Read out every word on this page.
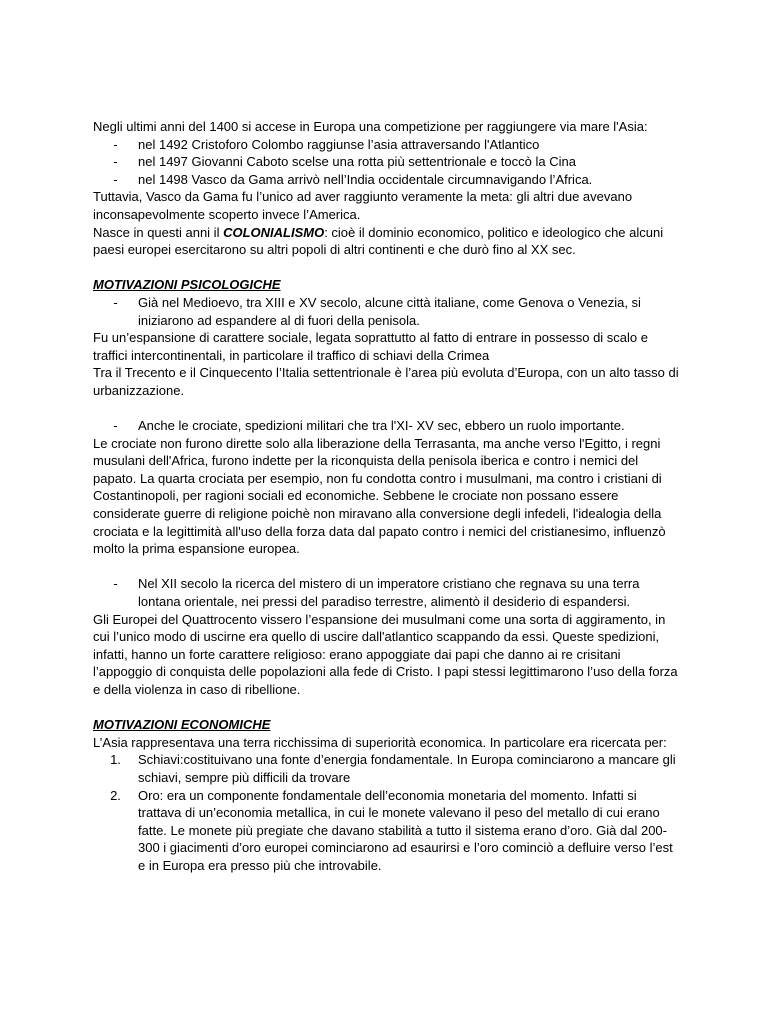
Negli ultimi anni del 1400 si accese in Europa una competizione per raggiungere via mare l'Asia:

-	nel 1492 Cristoforo Colombo raggiunse l’asia attraversando l'Atlantico
-	nel 1497 Giovanni Caboto scelse una rotta più settentrionale e toccò la Cina
-	nel 1498 Vasco da Gama arrivò nell’India occidentale circumnavigando l’Africa.

Tuttavia, Vasco da Gama fu l’unico ad aver raggiunto veramente la meta: gli altri due avevano inconsapevolmente scoperto invece l’America.

Nasce in questi anni il COLONIALISMO: cioè il dominio economico, politico e ideologico che alcuni paesi europei esercitarono su altri popoli di altri continenti e che durò fino al XX sec.

MOTIVAZIONI PSICOLOGICHE

-	Già nel Medioevo, tra XIII e XV secolo, alcune città italiane, come Genova o Venezia, si iniziarono ad espandere al di fuori della penisola.

Fu un’espansione di carattere sociale, legata soprattutto al fatto di entrare in possesso di scalo e traffici intercontinentali, in particolare il traffico di schiavi della Crimea

Tra il Trecento e il Cinquecento l’Italia settentrionale è l’area più evoluta d’Europa, con un alto tasso di urbanizzazione.

-	Anche le crociate, spedizioni militari che tra l'XI- XV sec, ebbero un ruolo importante.

Le crociate non furono dirette solo alla liberazione della Terrasanta, ma anche verso l'Egitto, i regni musulani dell'Africa, furono indette per la riconquista della penisola iberica e contro i nemici del papato. La quarta crociata per esempio, non fu condotta contro i musulmani, ma contro i cristiani di Costantinopoli, per ragioni sociali ed economiche. Sebbene le crociate non possano essere considerate guerre di religione poichè non miravano alla conversione degli infedeli, l'idealogia della crociata e la legittimità all'uso della forza data dal papato contro i nemici del cristianesimo, influenzò molto la prima espansione europea.

-	Nel XII secolo la ricerca del mistero di un imperatore cristiano che regnava su una terra lontana orientale, nei pressi del paradiso terrestre, alimentò il desiderio di espandersi.

Gli Europei del Quattrocento vissero l’espansione dei musulmani come una sorta di aggiramento, in cui l’unico modo di uscirne era quello di uscire dall'atlantico scappando da essi. Queste spedizioni, infatti, hanno un forte carattere religioso: erano appoggiate dai papi che danno ai re crisitani l’appoggio di conquista delle popolazioni alla fede di Cristo. I papi stessi legittimarono l’uso della forza e della violenza in caso di ribellione.

MOTIVAZIONI ECONOMICHE

L’Asia rappresentava una terra ricchissima di superiorità economica. In particolare era ricercata per:

1.	Schiavi:costituivano una fonte d’energia fondamentale. In Europa cominciarono a mancare gli schiavi, sempre più difficili da trovare
2.	Oro: era un componente fondamentale dell’economia monetaria del momento. Infatti si trattava di un’economia metallica, in cui le monete valevano il peso del metallo di cui erano fatte. Le monete più pregiate che davano stabilità a tutto il sistema erano d’oro. Già dal 200-300 i giacimenti d’oro europei cominciarono ad esaurirsi e l’oro cominciò a defluire verso l’est e in Europa era presso più che introvabile.
